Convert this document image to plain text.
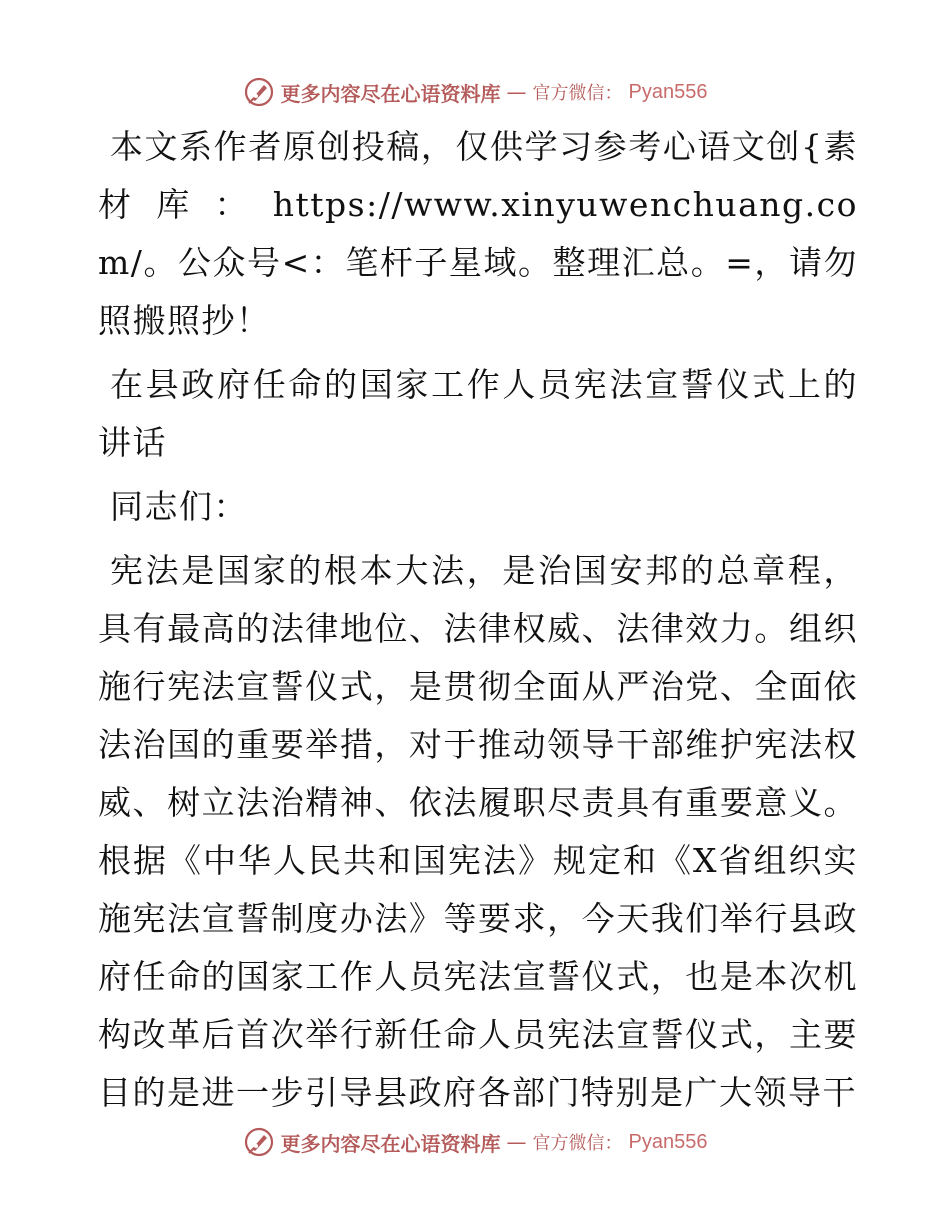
更多内容尽在心语资料库 — 官方微信： Pyan556

本文系作者原创投稿，仅供学习参考心语文创{素材库：https://www.xinyuwenchuang.com/。公众号<：笔杆子星域。整理汇总。=，请勿照搬照抄！

在县政府任命的国家工作人员宪法宣誓仪式上的讲话

同志们：

宪法是国家的根本大法，是治国安邦的总章程，具有最高的法律地位、法律权威、法律效力。组织施行宪法宣誓仪式，是贯彻全面从严治党、全面依法治国的重要举措，对于推动领导干部维护宪法权威、树立法治精神、依法履职尽责具有重要意义。根据《中华人民共和国宪法》规定和《X省组织实施宪法宣誓制度办法》等要求，今天我们举行县政府任命的国家工作人员宪法宣誓仪式，也是本次机构改革后首次举行新任命人员宪法宣誓仪式，主要目的是进一步引导县政府各部门特别是广大领导干

更多内容尽在心语资料库 — 官方微信： Pyan556
